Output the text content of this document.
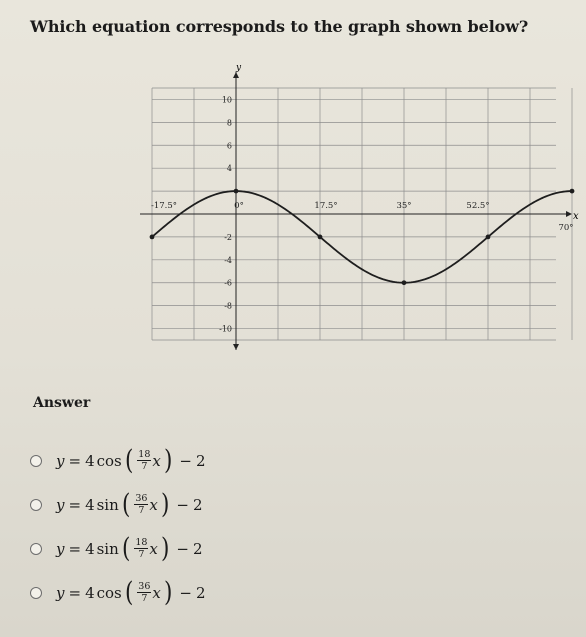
Which equation corresponds to the graph shown below?
10
8
6
4
-2
-4
-6
-8
-10
-17.5°	0°	17.5°	35°	52.5°
70°
y
x
Answer
y = 4 cos ( $\frac{18}{7}$ x ) − 2
y = 4 sin ( $\frac{36}{7}$ x ) − 2
y = 4 sin ( $\frac{18}{7}$ x ) − 2
y = 4 cos ( $\frac{36}{7}$ x ) − 2
